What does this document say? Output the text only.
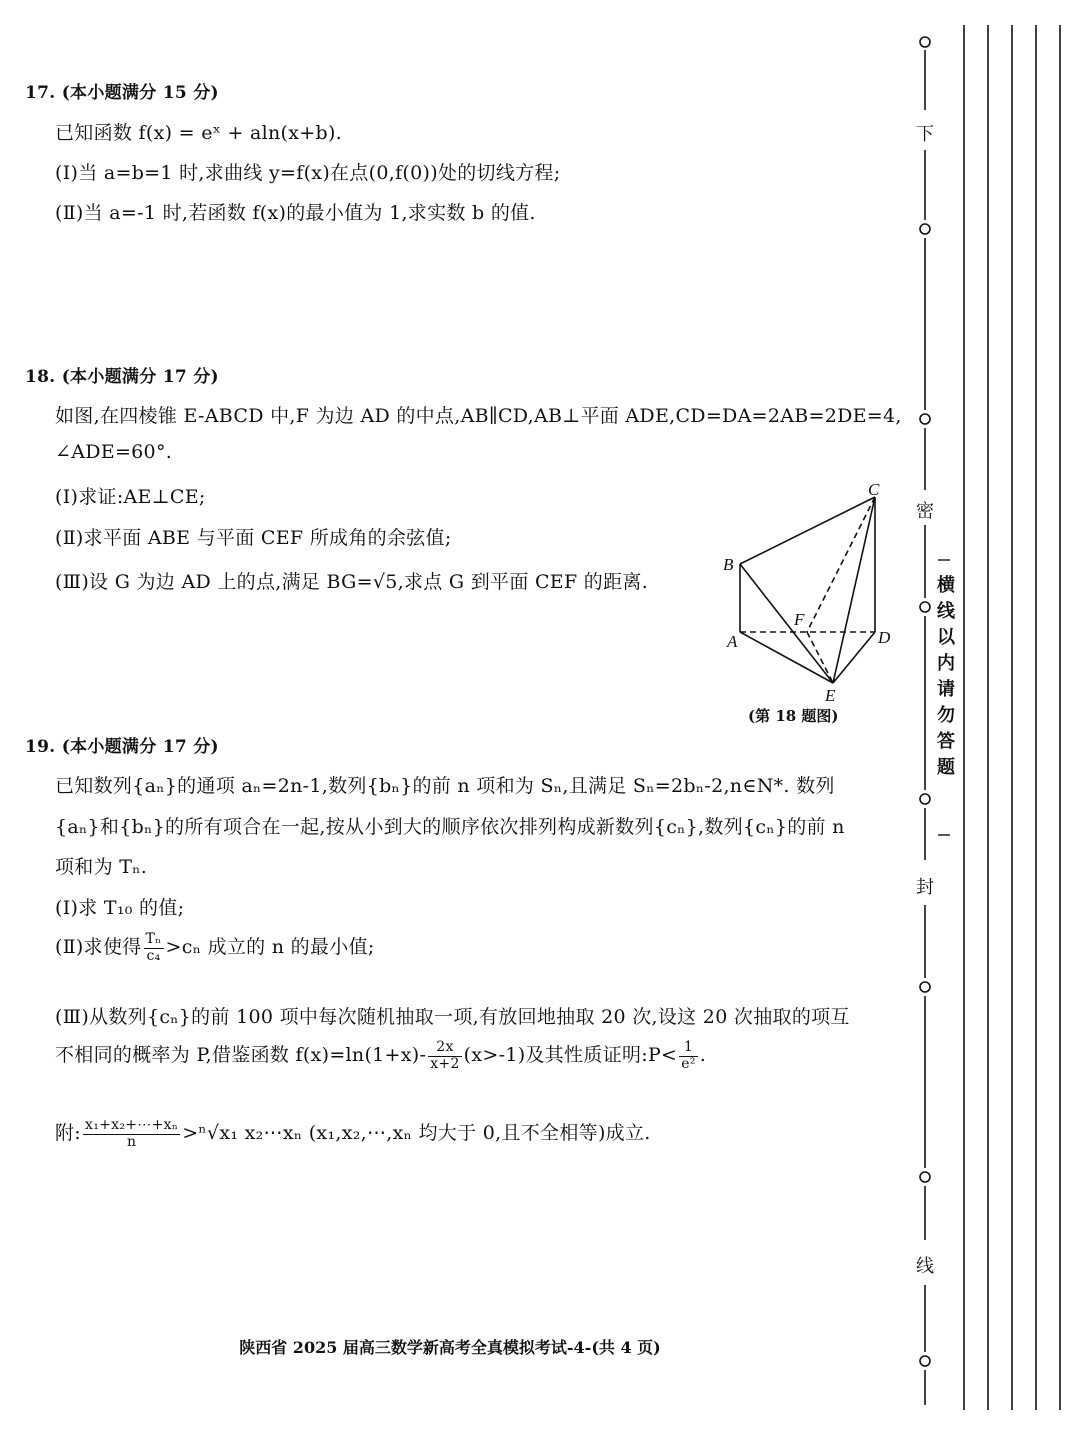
17. (本小题满分 15 分)
已知函数 f(x) = eˣ + aln(x+b).
(Ⅰ)当 a=b=1 时,求曲线 y=f(x)在点(0,f(0))处的切线方程;
(Ⅱ)当 a=-1 时,若函数 f(x)的最小值为 1,求实数 b 的值.
18. (本小题满分 17 分)
如图,在四棱锥 E-ABCD 中,F 为边 AD 的中点,AB∥CD,AB⊥平面 ADE,CD=DA=2AB=2DE=4,
∠ADE=60°.
(Ⅰ)求证:AE⊥CE;
(Ⅱ)求平面 ABE 与平面 CEF 所成角的余弦值;
(Ⅲ)设 G 为边 AD 上的点,满足 BG=√5,求点 G 到平面 CEF 的距离.
C
B
A	D
F
E
(第 18 题图)
19. (本小题满分 17 分)
已知数列{aₙ}的通项 aₙ=2n-1,数列{bₙ}的前 n 项和为 Sₙ,且满足 Sₙ=2bₙ-2,n∈N*. 数列
{aₙ}和{bₙ}的所有项合在一起,按从小到大的顺序依次排列构成新数列{cₙ},数列{cₙ}的前 n
项和为 Tₙ.
(Ⅰ)求 T₁₀ 的值;
(Ⅱ)求使得 $\frac{\text{Tₙ}}{\text{c₄}} >c_n$ 成立的 n 的最小值;
(Ⅲ)从数列{cₙ}的前 100 项中每次随机抽取一项,有放回地抽取 20 次,设这 20 次抽取的项互
不相同的概率为 P,借鉴函数 $f(x)=\ln(1+x)- \frac{2x}{x+2} (x>-1)$及其性质证明:P< $\frac{1}{\text{e²}}$ .
附: $\frac{\text{x₁+x₂+⋯+xₙ}}{n} >^n√x_1$ x₂⋯xₙ (x₁,x₂,⋯,xₙ 均大于 0,且不全相等)成立.
陕西省 2025 届高三数学新高考全真模拟考试-4-(共 4 页)
下
密
封
线
横线以内请勿答题
